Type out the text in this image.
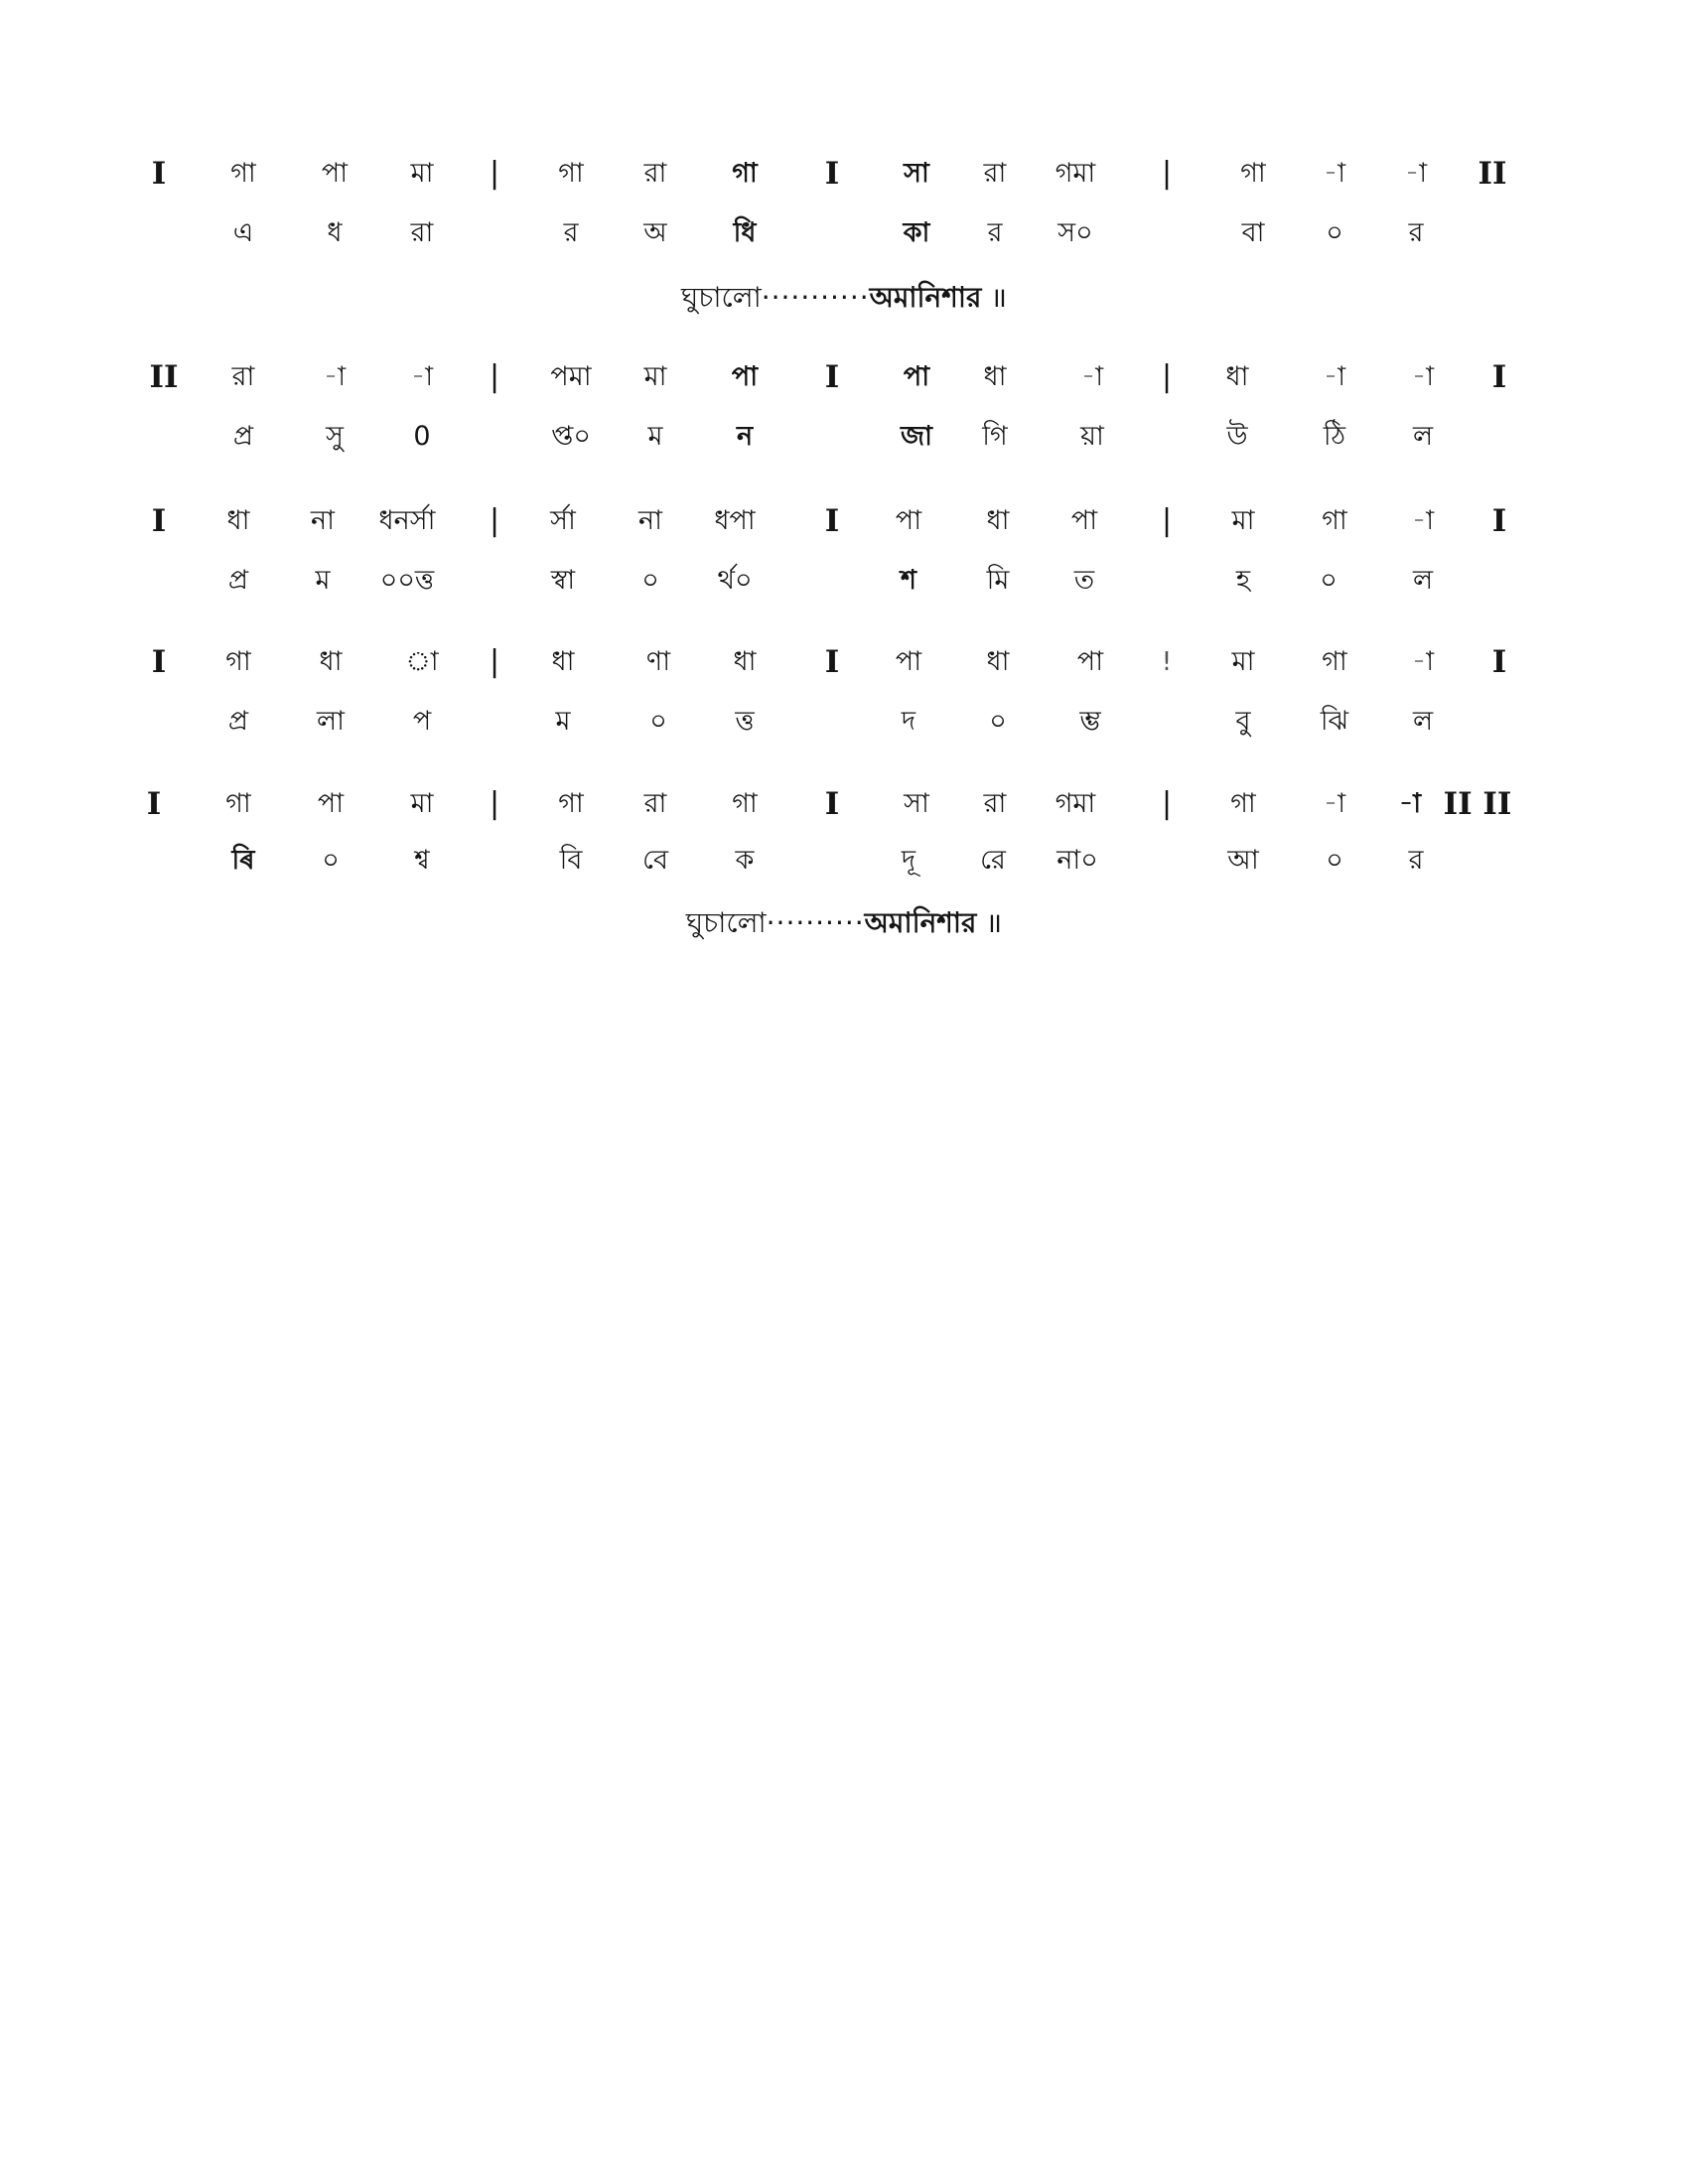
I গা পা মা | গা রা গা I সা রা গমা |	গা -া -া II
এ	ধ	রা	র অ ধি	কা র স০	বা ০ র
ঘুচালো···········অমানিশার ॥
II রা	-া -া | পমা মা পা I পা ধা	-া | ধা	-া -া I
প্র	সু	0	প্ত০ ম	ন	জা গি	য়া	উ	ঠি	ল
I ধা না ধনর্সা | র্সা না ধপা I পা ধা পা | মা	গা -া I
প্র ম ০০ত্ত	স্বা ০ র্থ০	শ	মি ত	হ	০	ল
I গা	ধা া | ধা	ণা ধা I পা ধা	পা ! মা	গা -া I
প্র	লা	প	ম	০	ত্ত	দ	০	ম্ভ	বু	ঝি ল
I গা পা	মা | গা রা গা I সা রা গমা | গা	-া -া II II
ৰি	০	শ্ব	বি বে	ক	দূ রে না০	আ ০ র
ঘুচালো··········অমানিশার ॥
